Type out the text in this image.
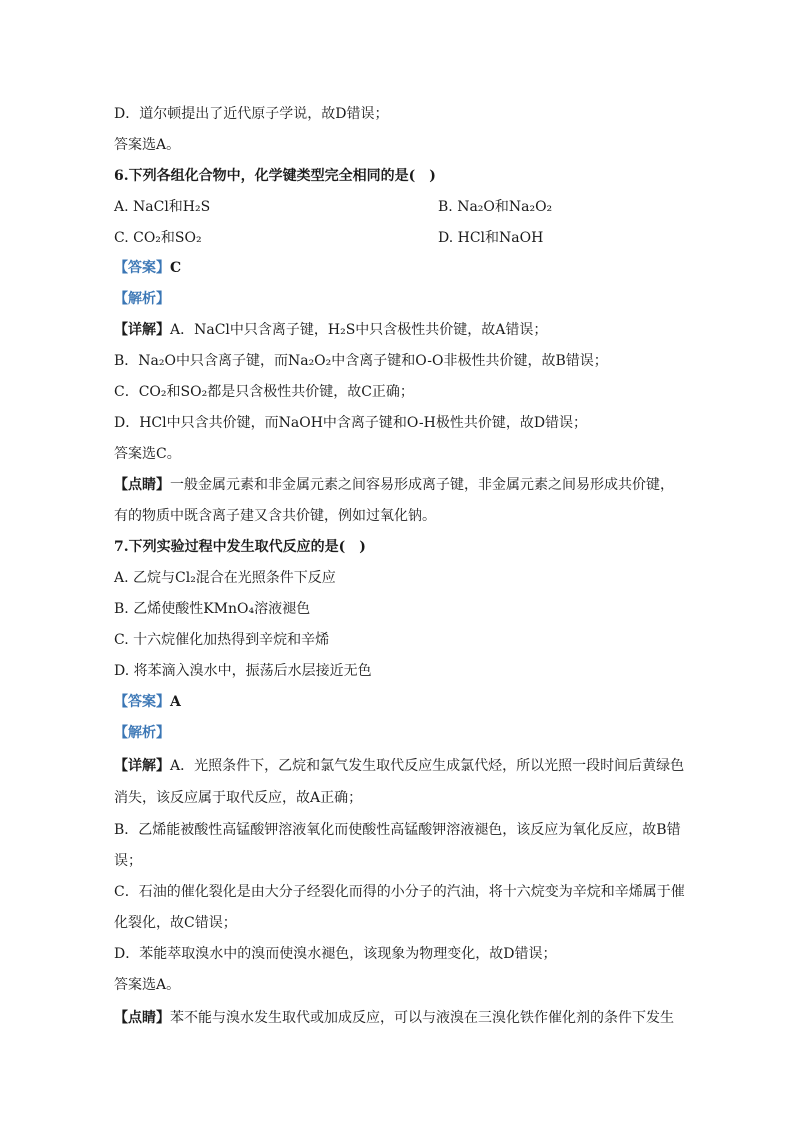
D．道尔顿提出了近代原子学说，故D错误；
答案选A。
6.下列各组化合物中，化学键类型完全相同的是(　)
A. NaCl和H₂S	B. Na₂O和Na₂O₂
C. CO₂和SO₂	D. HCl和NaOH
【答案】C
【解析】
【详解】A．NaCl中只含离子键，H₂S中只含极性共价键，故A错误；
B．Na₂O中只含离子键，而Na₂O₂中含离子键和O-O非极性共价键，故B错误；
C．CO₂和SO₂都是只含极性共价键，故C正确；
D．HCl中只含共价键，而NaOH中含离子键和O-H极性共价键，故D错误；
答案选C。
【点睛】一般金属元素和非金属元素之间容易形成离子键，非金属元素之间易形成共价键，
有的物质中既含离子建又含共价键，例如过氧化钠。
7.下列实验过程中发生取代反应的是(　)
A. 乙烷与Cl₂混合在光照条件下反应
B. 乙烯使酸性KMnO₄溶液褪色
C. 十六烷催化加热得到辛烷和辛烯
D. 将苯滴入溴水中，振荡后水层接近无色
【答案】A
【解析】
【详解】A．光照条件下，乙烷和氯气发生取代反应生成氯代烃，所以光照一段时间后黄绿色
消失，该反应属于取代反应，故A正确；
B．乙烯能被酸性高锰酸钾溶液氧化而使酸性高锰酸钾溶液褪色，该反应为氧化反应，故B错
误；
C．石油的催化裂化是由大分子经裂化而得的小分子的汽油，将十六烷变为辛烷和辛烯属于催
化裂化，故C错误；
D．苯能萃取溴水中的溴而使溴水褪色，该现象为物理变化，故D错误；
答案选A。
【点睛】苯不能与溴水发生取代或加成反应，可以与液溴在三溴化铁作催化剂的条件下发生
